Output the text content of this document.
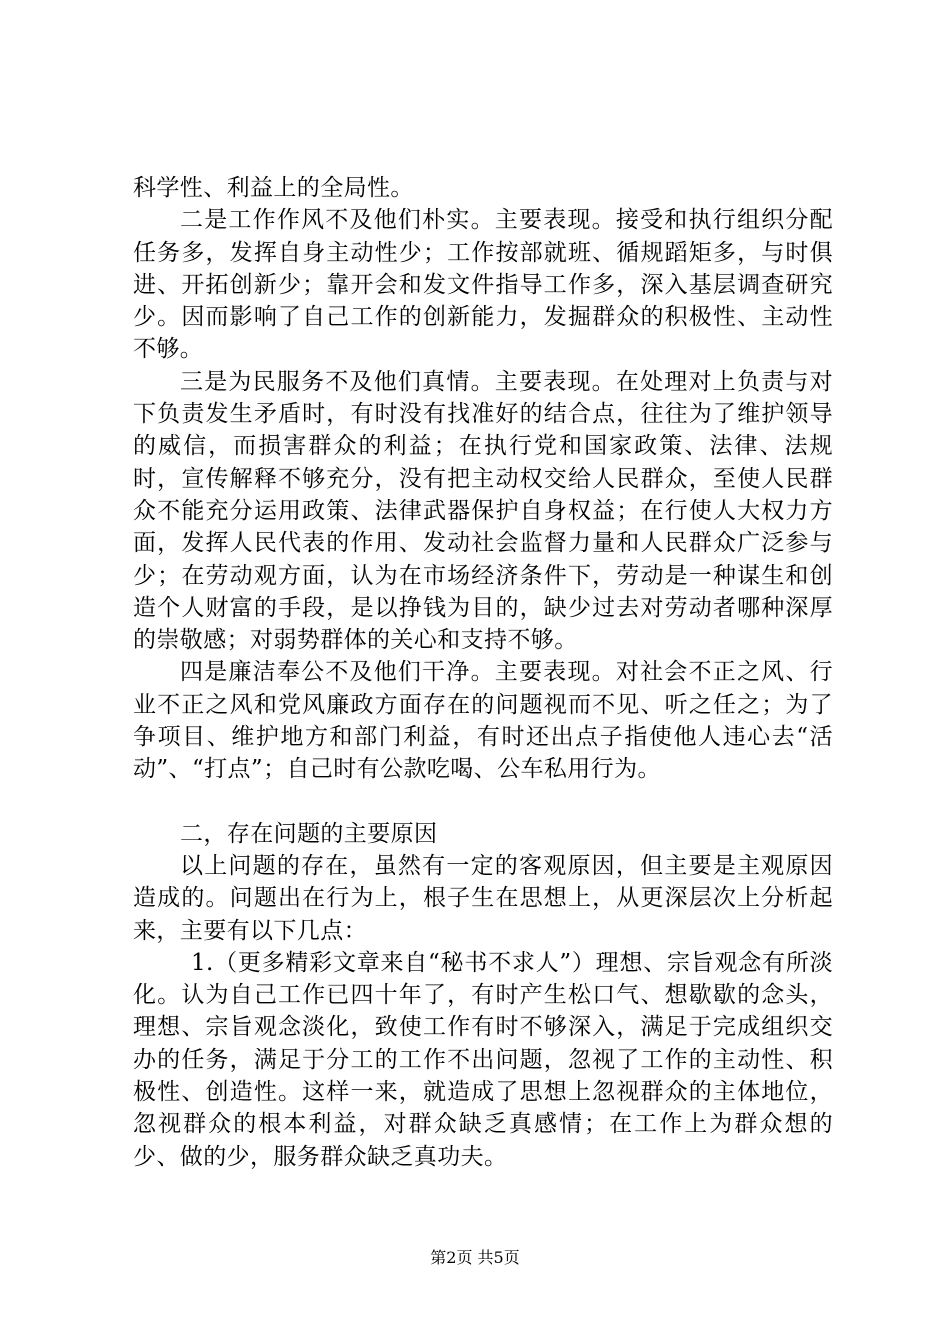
科学性、利益上的全局性。

二是工作作风不及他们朴实。主要表现。接受和执行组织分配任务多，发挥自身主动性少；工作按部就班、循规蹈矩多，与时俱进、开拓创新少；靠开会和发文件指导工作多，深入基层调查研究少。因而影响了自己工作的创新能力，发掘群众的积极性、主动性不够。

三是为民服务不及他们真情。主要表现。在处理对上负责与对下负责发生矛盾时，有时没有找准好的结合点，往往为了维护领导的威信，而损害群众的利益；在执行党和国家政策、法律、法规时，宣传解释不够充分，没有把主动权交给人民群众，至使人民群众不能充分运用政策、法律武器保护自身权益；在行使人大权力方面，发挥人民代表的作用、发动社会监督力量和人民群众广泛参与少；在劳动观方面，认为在市场经济条件下，劳动是一种谋生和创造个人财富的手段，是以挣钱为目的，缺少过去对劳动者哪种深厚的崇敬感；对弱势群体的关心和支持不够。

四是廉洁奉公不及他们干净。主要表现。对社会不正之风、行业不正之风和党风廉政方面存在的问题视而不见、听之任之；为了争项目、维护地方和部门利益，有时还出点子指使他人违心去“活动”、“打点”；自己时有公款吃喝、公车私用行为。

二，存在问题的主要原因

以上问题的存在，虽然有一定的客观原因，但主要是主观原因造成的。问题出在行为上，根子生在思想上，从更深层次上分析起来，主要有以下几点：

1.（更多精彩文章来自“秘书不求人”）理想、宗旨观念有所淡化。认为自己工作已四十年了，有时产生松口气、想歇歇的念头，理想、宗旨观念淡化，致使工作有时不够深入，满足于完成组织交办的任务，满足于分工的工作不出问题，忽视了工作的主动性、积极性、创造性。这样一来，就造成了思想上忽视群众的主体地位，忽视群众的根本利益，对群众缺乏真感情；在工作上为群众想的少、做的少，服务群众缺乏真功夫。

第2页 共5页
